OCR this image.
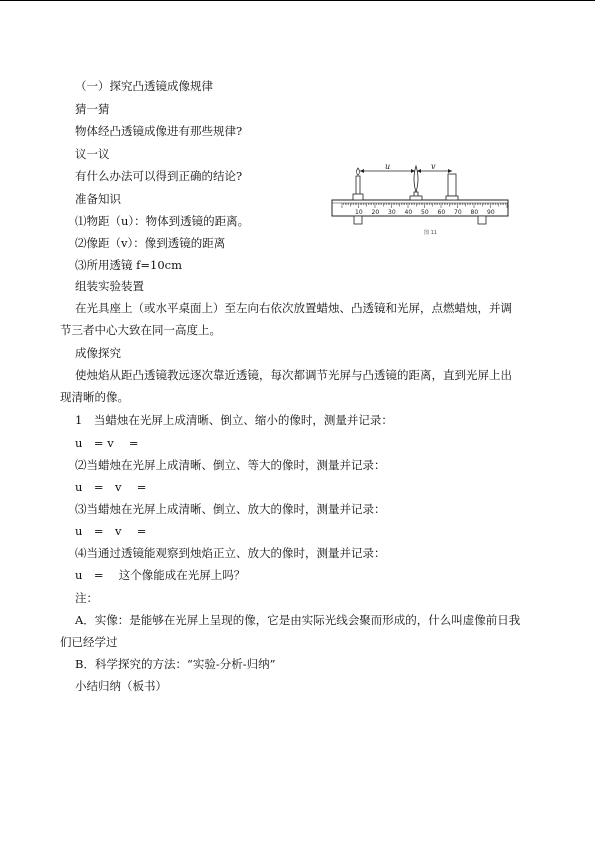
（一）探究凸透镜成像规律
猜一猜
物体经凸透镜成像进有那些规律?
议一议
有什么办法可以得到正确的结论?
准备知识
⑴物距（u）：物体到透镜的距离。
⑵像距（v）：像到透镜的距离
⑶所用透镜 f=10cm
组装实验装置
在光具座上（或水平桌面上）至左向右依次放置蜡烛、凸透镜和光屏，点燃蜡烛，并调
节三者中心大致在同一高度上。
成像探究
使烛焰从距凸透镜教远逐次靠近透镜，每次都调节光屏与凸透镜的距离，直到光屏上出
现清晰的像。
1　当蜡烛在光屏上成清晰、倒立、缩小的像时，测量并记录：
u　= v　 =
⑵当蜡烛在光屏上成清晰、倒立、等大的像时，测量并记录：
u　=　v　 =
⑶当蜡烛在光屏上成清晰、倒立、放大的像时，测量并记录：
u　=　v　 =
⑷当通过透镜能观察到烛焰正立、放大的像时，测量并记录：
u　=　 这个像能成在光屏上吗？
注：
A．实像：是能够在光屏上呈现的像，它是由实际光线会聚而形成的，什么叫虚像前日我
们已经学过
B．科学探究的方法：“实验-分析-归纳”
小结归纳（板书）
10 20 30 40 50 60 70 80 90
u	v
图 11
